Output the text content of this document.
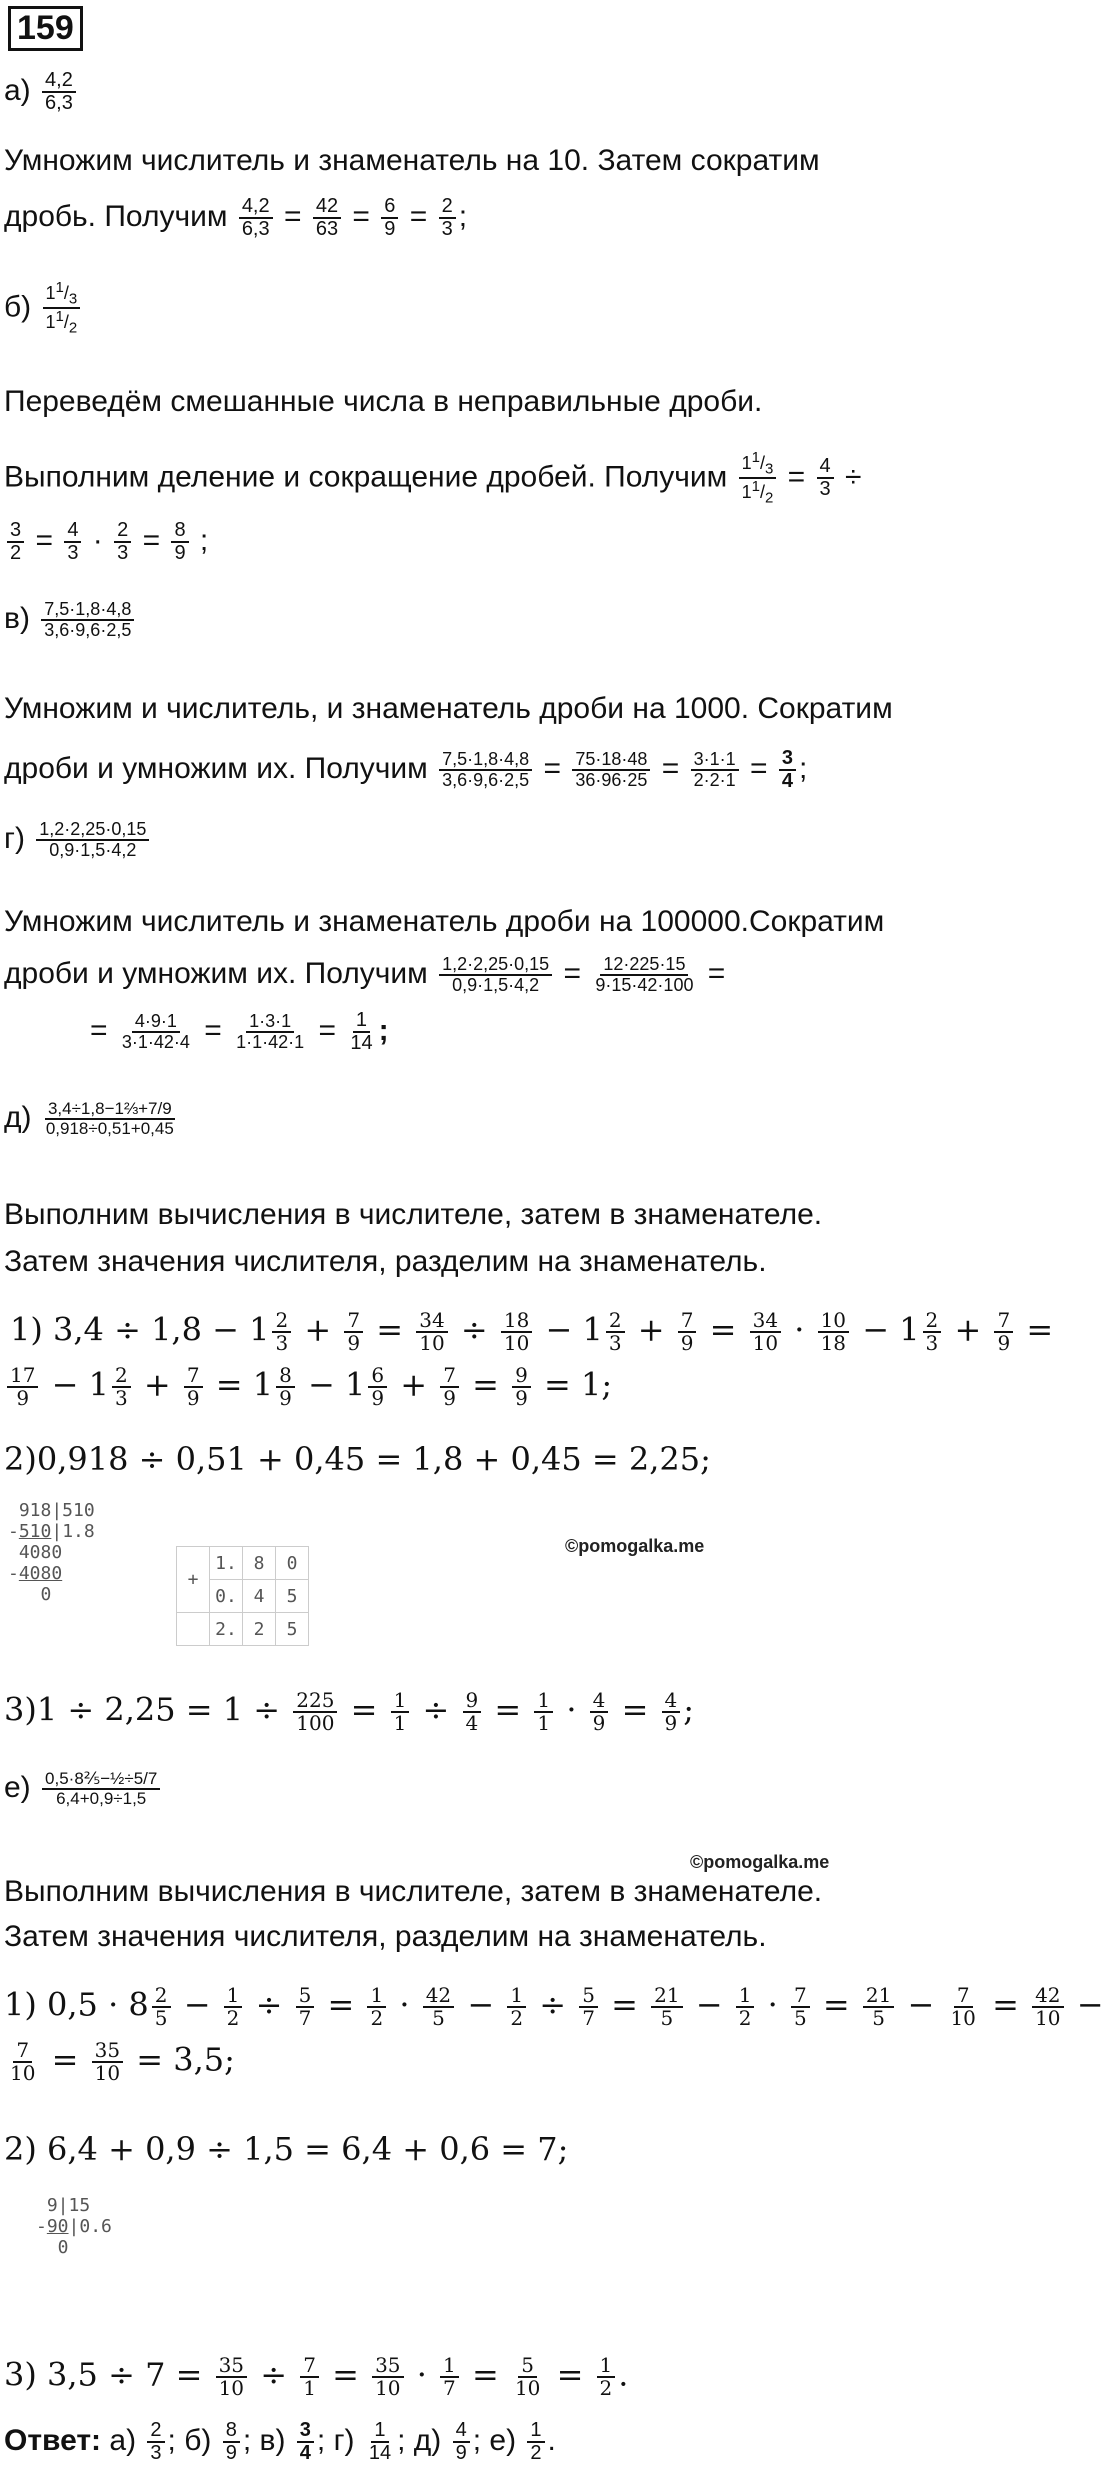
159
$а) \frac{4,2}{6,3}$
Умножим числитель и знаменатель на 10. Затем сократим
дробь. Получим $\frac{4,2}{6,3} = \frac{42}{63} = \frac{6}{9} = \frac{2}{3}$ ;
$б) \frac{1^1/_3}{1^1/_2}$
Переведём смешанные числа в неправильные дроби.
Выполним деление и сокращение дробей. Получим $\frac{1^1/_3}{1^1/_2} = \frac{4}{3}$ ÷
$\frac{3}{2} = \frac{4}{3} \cdot \frac{2}{3} = \frac{8}{9}$ ;
$в) \frac{7,5\cdot 1,8\cdot 4,8}{3,6\cdot 9,6\cdot 2,5}$
Умножим и числитель, и знаменатель дроби на 1000. Сократим
дроби и умножим их. Получим $\frac{7,5\cdot 1,8\cdot 4,8}{3,6\cdot 9,6\cdot 2,5} = \frac{75\cdot 18\cdot 48}{36\cdot 96\cdot 25} = \frac{3\cdot 1\cdot 1}{2\cdot 2\cdot 1} = \frac{3}{4}$ ;
$г) \frac{1,2\cdot 2,25\cdot 0,15}{0,9\cdot 1,5\cdot 4,2}$
Умножим числитель и знаменатель дроби на 100000.Сократим
дроби и умножим их. Получим $\frac{1,2\cdot 2,25\cdot 0,15}{0,9\cdot 1,5\cdot 4,2} = \frac{12\cdot 225\cdot 15}{9\cdot 15\cdot 42\cdot 100}$ =
= $\frac{4\cdot 9\cdot 1}{3\cdot 1\cdot 42\cdot 4} = \frac{1\cdot 3\cdot 1}{1\cdot 1\cdot 42\cdot 1} = \frac{1}{14}$ ;
$д) \frac{\text{3,4÷1,8−1⅔+7/9}}{0,918\div 0,51+0,45}$
Выполним вычисления в числителе, затем в знаменателе.
Затем значения числителя, разделим на знаменатель.
1) $3,4 \div 1,8 - 1 \frac{2}{3} + \frac{7}{9} = \frac{34}{10} \div \frac{18}{10} - 1 \frac{2}{3} + \frac{7}{9} = \frac{34}{10} \cdot \frac{10}{18} - 1 \frac{2}{3} + \frac{7}{9}$ =
$\frac{17}{9} - 1 \frac{2}{3} + \frac{7}{9} = 1 \frac{8}{9} - 1 \frac{6}{9} + \frac{7}{9} = \frac{9}{9} = 1$;
2)0,918 ÷ 0,51 + 0,45 = 1,8 + 0,45 = 2,25;
918|510
-510|1.8
4080
-4080
0
©pomogalka.me
+	1.	8	0
	0.	4	5
	2.	2	5
$3)1 \div 2,25 = 1 \div \frac{225}{100} = \frac{1}{1} \div \frac{9}{4} = \frac{1}{1} \cdot \frac{4}{9} = \frac{4}{9}$ ;
$е) \frac{\text{0,5·8⅖−½÷5/7}}{6,4+0,9\div 1,5}$
©pomogalka.me
Выполним вычисления в числителе, затем в знаменателе.
Затем значения числителя, разделим на знаменатель.
1) $0,5 \cdot 8 \frac{2}{5} - \frac{1}{2} \div \frac{5}{7} = \frac{1}{2} \cdot \frac{42}{5} - \frac{1}{2} \div \frac{5}{7} = \frac{21}{5} - \frac{1}{2} \cdot \frac{7}{5} = \frac{21}{5} - \frac{7}{10} = \frac{42}{10}$ −
$\frac{7}{10} = \frac{35}{10} = 3,5$;
2) 6,4 + 0,9 ÷ 1,5 = 6,4 + 0,6 = 7;
9|15
-90|0.6
0
3) $3,5 \div 7 = \frac{35}{10} \div \frac{7}{1} = \frac{35}{10} \cdot \frac{1}{7} = \frac{5}{10} = \frac{1}{2}$ .
Ответ: $а) \frac{2}{3}$ ; $б) \frac{8}{9}$ ; $в) \frac{3}{4}$ ; $г) \frac{1}{14}$ ; $д) \frac{4}{9}$ ; $е) \frac{1}{2}$ .
